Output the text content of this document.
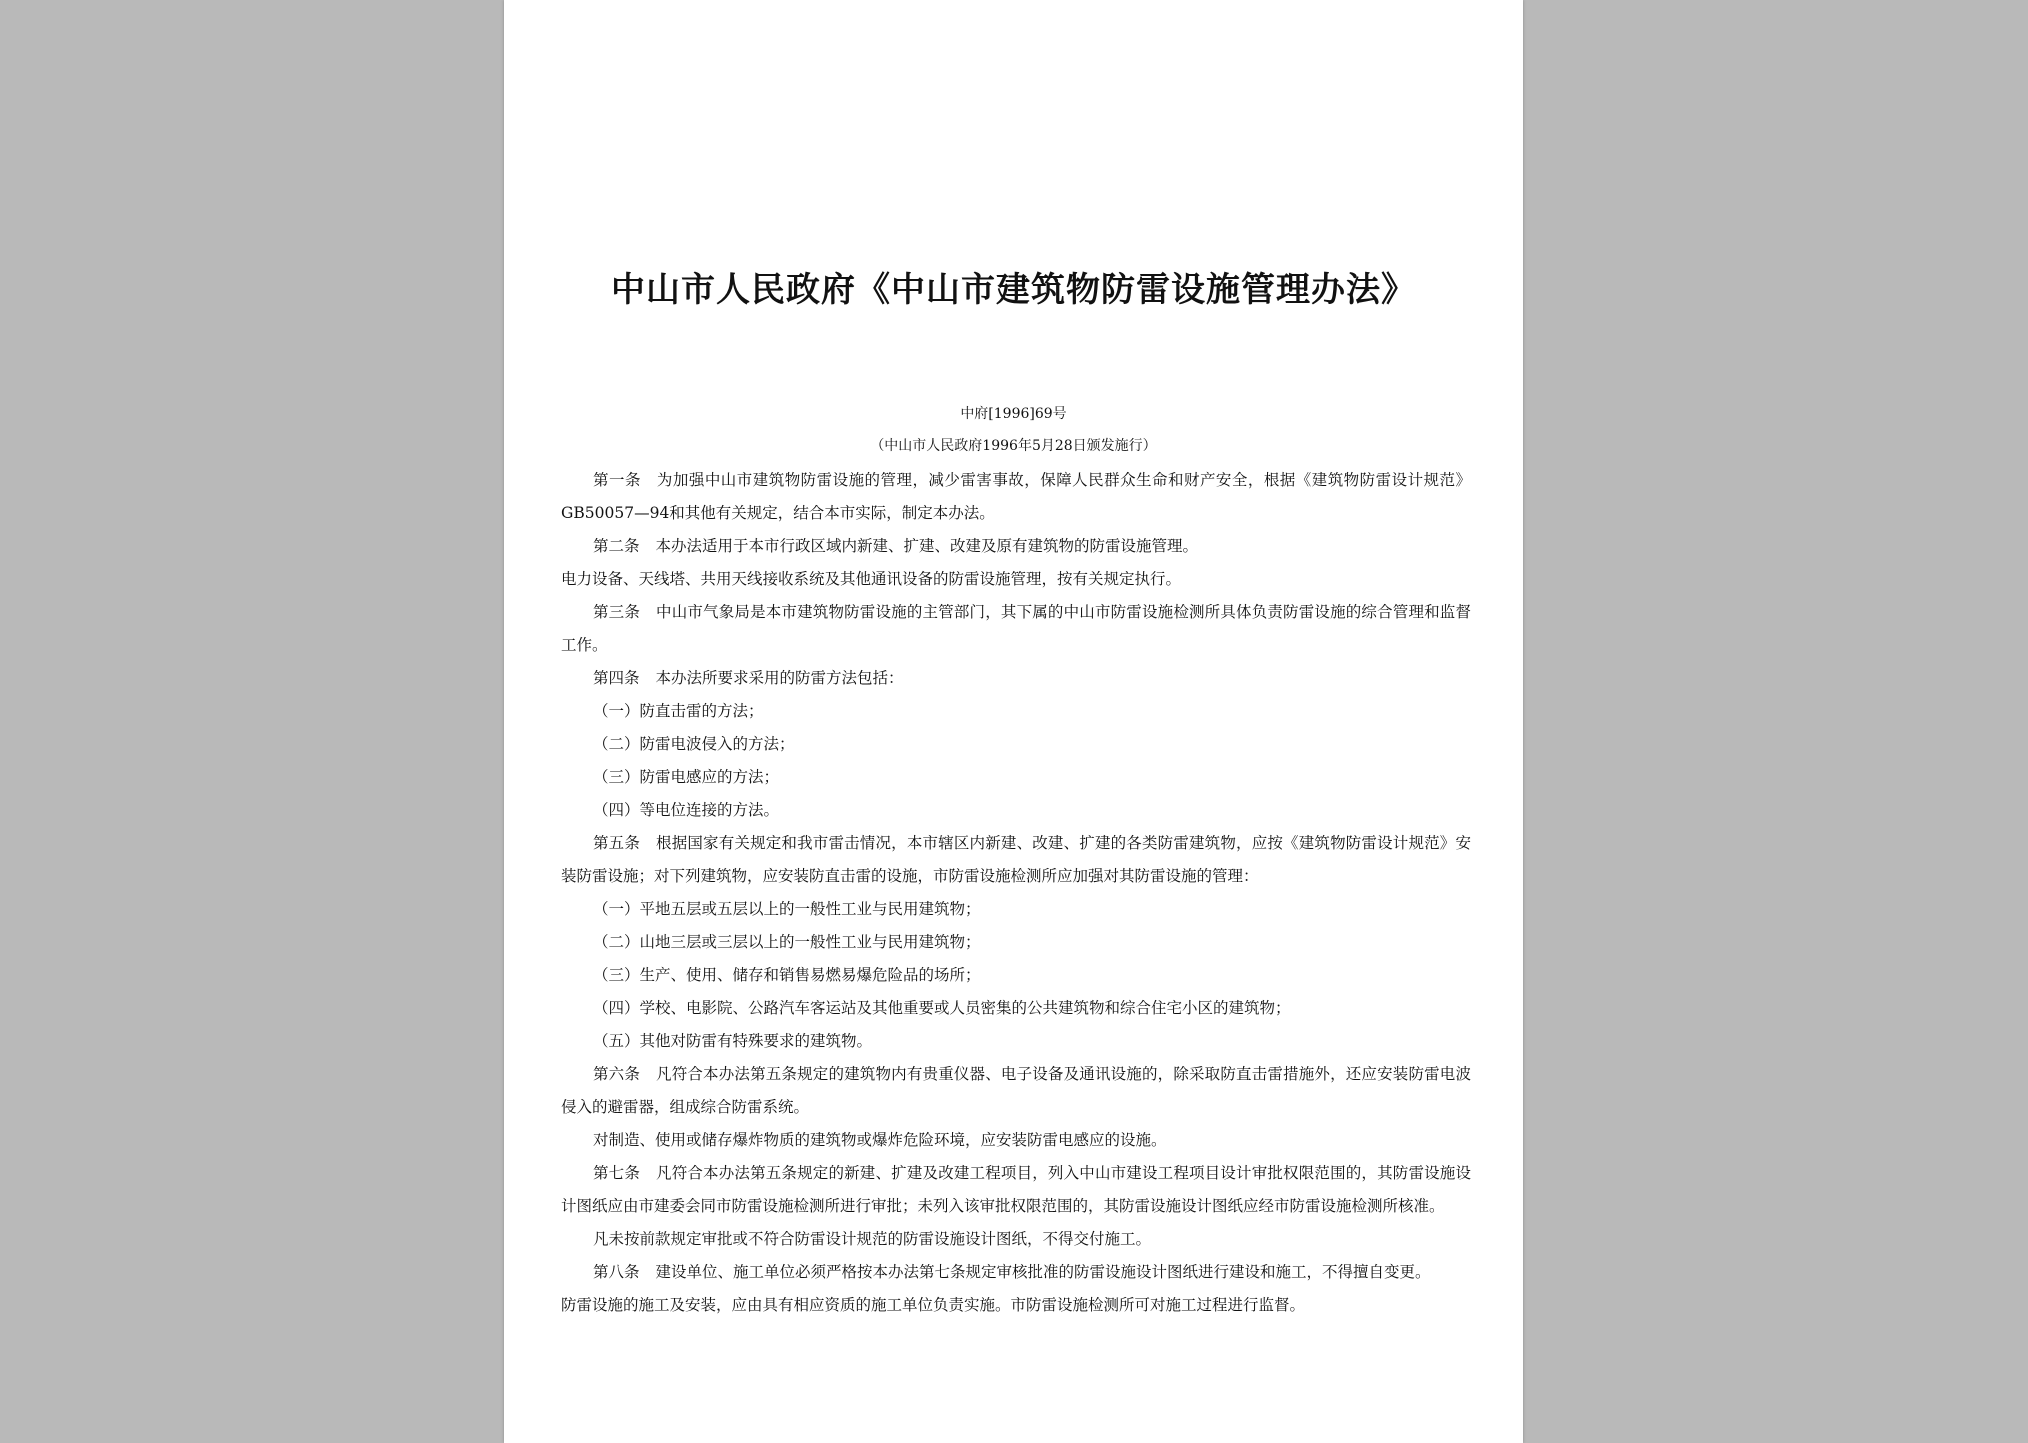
中山市人民政府《中山市建筑物防雷设施管理办法》
中府[1996]69号
（中山市人民政府1996年5月28日颁发施行）

第一条 为加强中山市建筑物防雷设施的管理，减少雷害事故，保障人民群众生命和财产安全，根据《建筑物防雷设计规范》GB50057—94和其他有关规定，结合本市实际，制定本办法。

第二条 本办法适用于本市行政区域内新建、扩建、改建及原有建筑物的防雷设施管理。

电力设备、天线塔、共用天线接收系统及其他通讯设备的防雷设施管理，按有关规定执行。

第三条 中山市气象局是本市建筑物防雷设施的主管部门，其下属的中山市防雷设施检测所具体负责防雷设施的综合管理和监督工作。

第四条 本办法所要求采用的防雷方法包括：

（一）防直击雷的方法；

（二）防雷电波侵入的方法；

（三）防雷电感应的方法；

（四）等电位连接的方法。

第五条 根据国家有关规定和我市雷击情况，本市辖区内新建、改建、扩建的各类防雷建筑物，应按《建筑物防雷设计规范》安装防雷设施；对下列建筑物，应安装防直击雷的设施，市防雷设施检测所应加强对其防雷设施的管理：

（一）平地五层或五层以上的一般性工业与民用建筑物；

（二）山地三层或三层以上的一般性工业与民用建筑物；

（三）生产、使用、储存和销售易燃易爆危险品的场所；

（四）学校、电影院、公路汽车客运站及其他重要或人员密集的公共建筑物和综合住宅小区的建筑物；

（五）其他对防雷有特殊要求的建筑物。

第六条 凡符合本办法第五条规定的建筑物内有贵重仪器、电子设备及通讯设施的，除采取防直击雷措施外，还应安装防雷电波侵入的避雷器，组成综合防雷系统。

对制造、使用或储存爆炸物质的建筑物或爆炸危险环境，应安装防雷电感应的设施。

第七条 凡符合本办法第五条规定的新建、扩建及改建工程项目，列入中山市建设工程项目设计审批权限范围的，其防雷设施设计图纸应由市建委会同市防雷设施检测所进行审批；未列入该审批权限范围的，其防雷设施设计图纸应经市防雷设施检测所核准。

凡未按前款规定审批或不符合防雷设计规范的防雷设施设计图纸，不得交付施工。

第八条 建设单位、施工单位必须严格按本办法第七条规定审核批准的防雷设施设计图纸进行建设和施工，不得擅自变更。

防雷设施的施工及安装，应由具有相应资质的施工单位负责实施。市防雷设施检测所可对施工过程进行监督。
